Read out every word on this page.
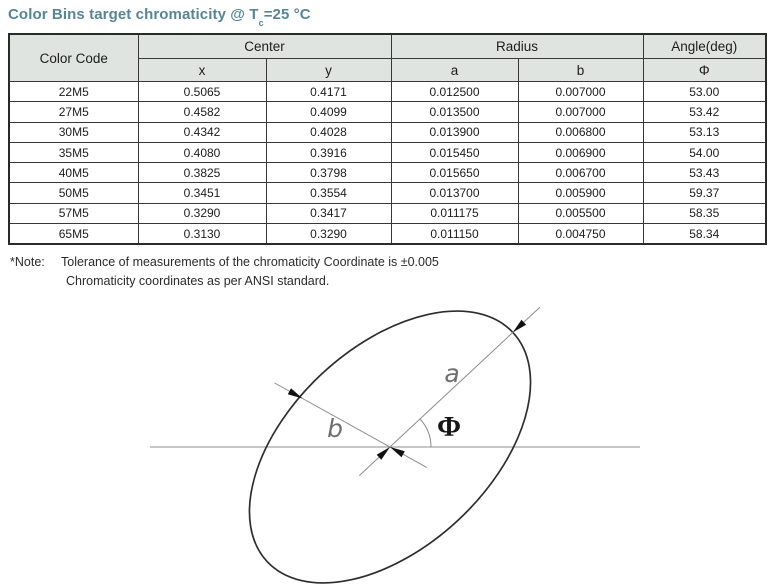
Color Bins target chromaticity @ $T_c=25$ °C
Color Code	Center		Radius		Angle(deg)
	x	y	a	b	Φ
22M5	0.5065	0.4171	0.012500	0.007000	53.00
27M5	0.4582	0.4099	0.013500	0.007000	53.42
30M5	0.4342	0.4028	0.013900	0.006800	53.13
35M5	0.4080	0.3916	0.015450	0.006900	54.00
40M5	0.3825	0.3798	0.015650	0.006700	53.43
50M5	0.3451	0.3554	0.013700	0.005900	59.37
57M5	0.3290	0.3417	0.011175	0.005500	58.35
65M5	0.3130	0.3290	0.011150	0.004750	58.34
*Note:	Tolerance of measurements of the chromaticity Coordinate is ±0.005
Chromaticity coordinates as per ANSI standard.
a
b	Φ
